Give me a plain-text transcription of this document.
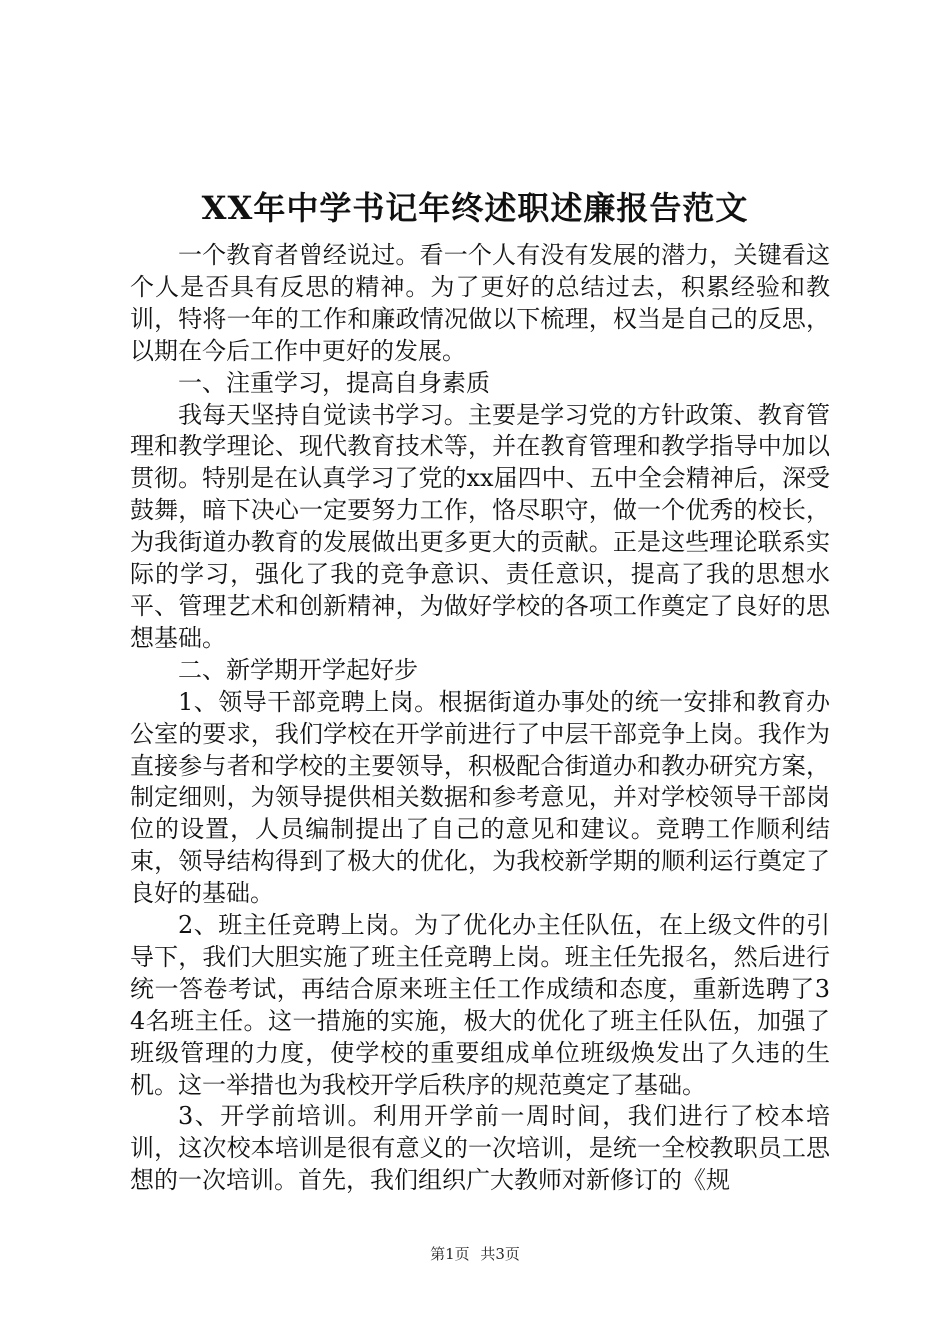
XX年中学书记年终述职述廉报告范文

一个教育者曾经说过。看一个人有没有发展的潜力，关键看这个人是否具有反思的精神。为了更好的总结过去，积累经验和教训，特将一年的工作和廉政情况做以下梳理，权当是自己的反思，以期在今后工作中更好的发展。

一、注重学习，提高自身素质

我每天坚持自觉读书学习。主要是学习党的方针政策、教育管理和教学理论、现代教育技术等，并在教育管理和教学指导中加以贯彻。特别是在认真学习了党的xx届四中、五中全会精神后，深受鼓舞，暗下决心一定要努力工作，恪尽职守，做一个优秀的校长，为我街道办教育的发展做出更多更大的贡献。正是这些理论联系实际的学习，强化了我的竞争意识、责任意识，提高了我的思想水平、管理艺术和创新精神，为做好学校的各项工作奠定了良好的思想基础。

二、新学期开学起好步

1、领导干部竞聘上岗。根据街道办事处的统一安排和教育办公室的要求，我们学校在开学前进行了中层干部竞争上岗。我作为直接参与者和学校的主要领导，积极配合街道办和教办研究方案，制定细则，为领导提供相关数据和参考意见，并对学校领导干部岗位的设置，人员编制提出了自己的意见和建议。竞聘工作顺利结束，领导结构得到了极大的优化，为我校新学期的顺利运行奠定了良好的基础。

2、班主任竞聘上岗。为了优化办主任队伍，在上级文件的引导下，我们大胆实施了班主任竞聘上岗。班主任先报名，然后进行统一答卷考试，再结合原来班主任工作成绩和态度，重新选聘了34名班主任。这一措施的实施，极大的优化了班主任队伍，加强了班级管理的力度，使学校的重要组成单位班级焕发出了久违的生机。这一举措也为我校开学后秩序的规范奠定了基础。

3、开学前培训。利用开学前一周时间，我们进行了校本培训，这次校本培训是很有意义的一次培训，是统一全校教职员工思想的一次培训。首先，我们组织广大教师对新修订的《规

第1页 共3页
